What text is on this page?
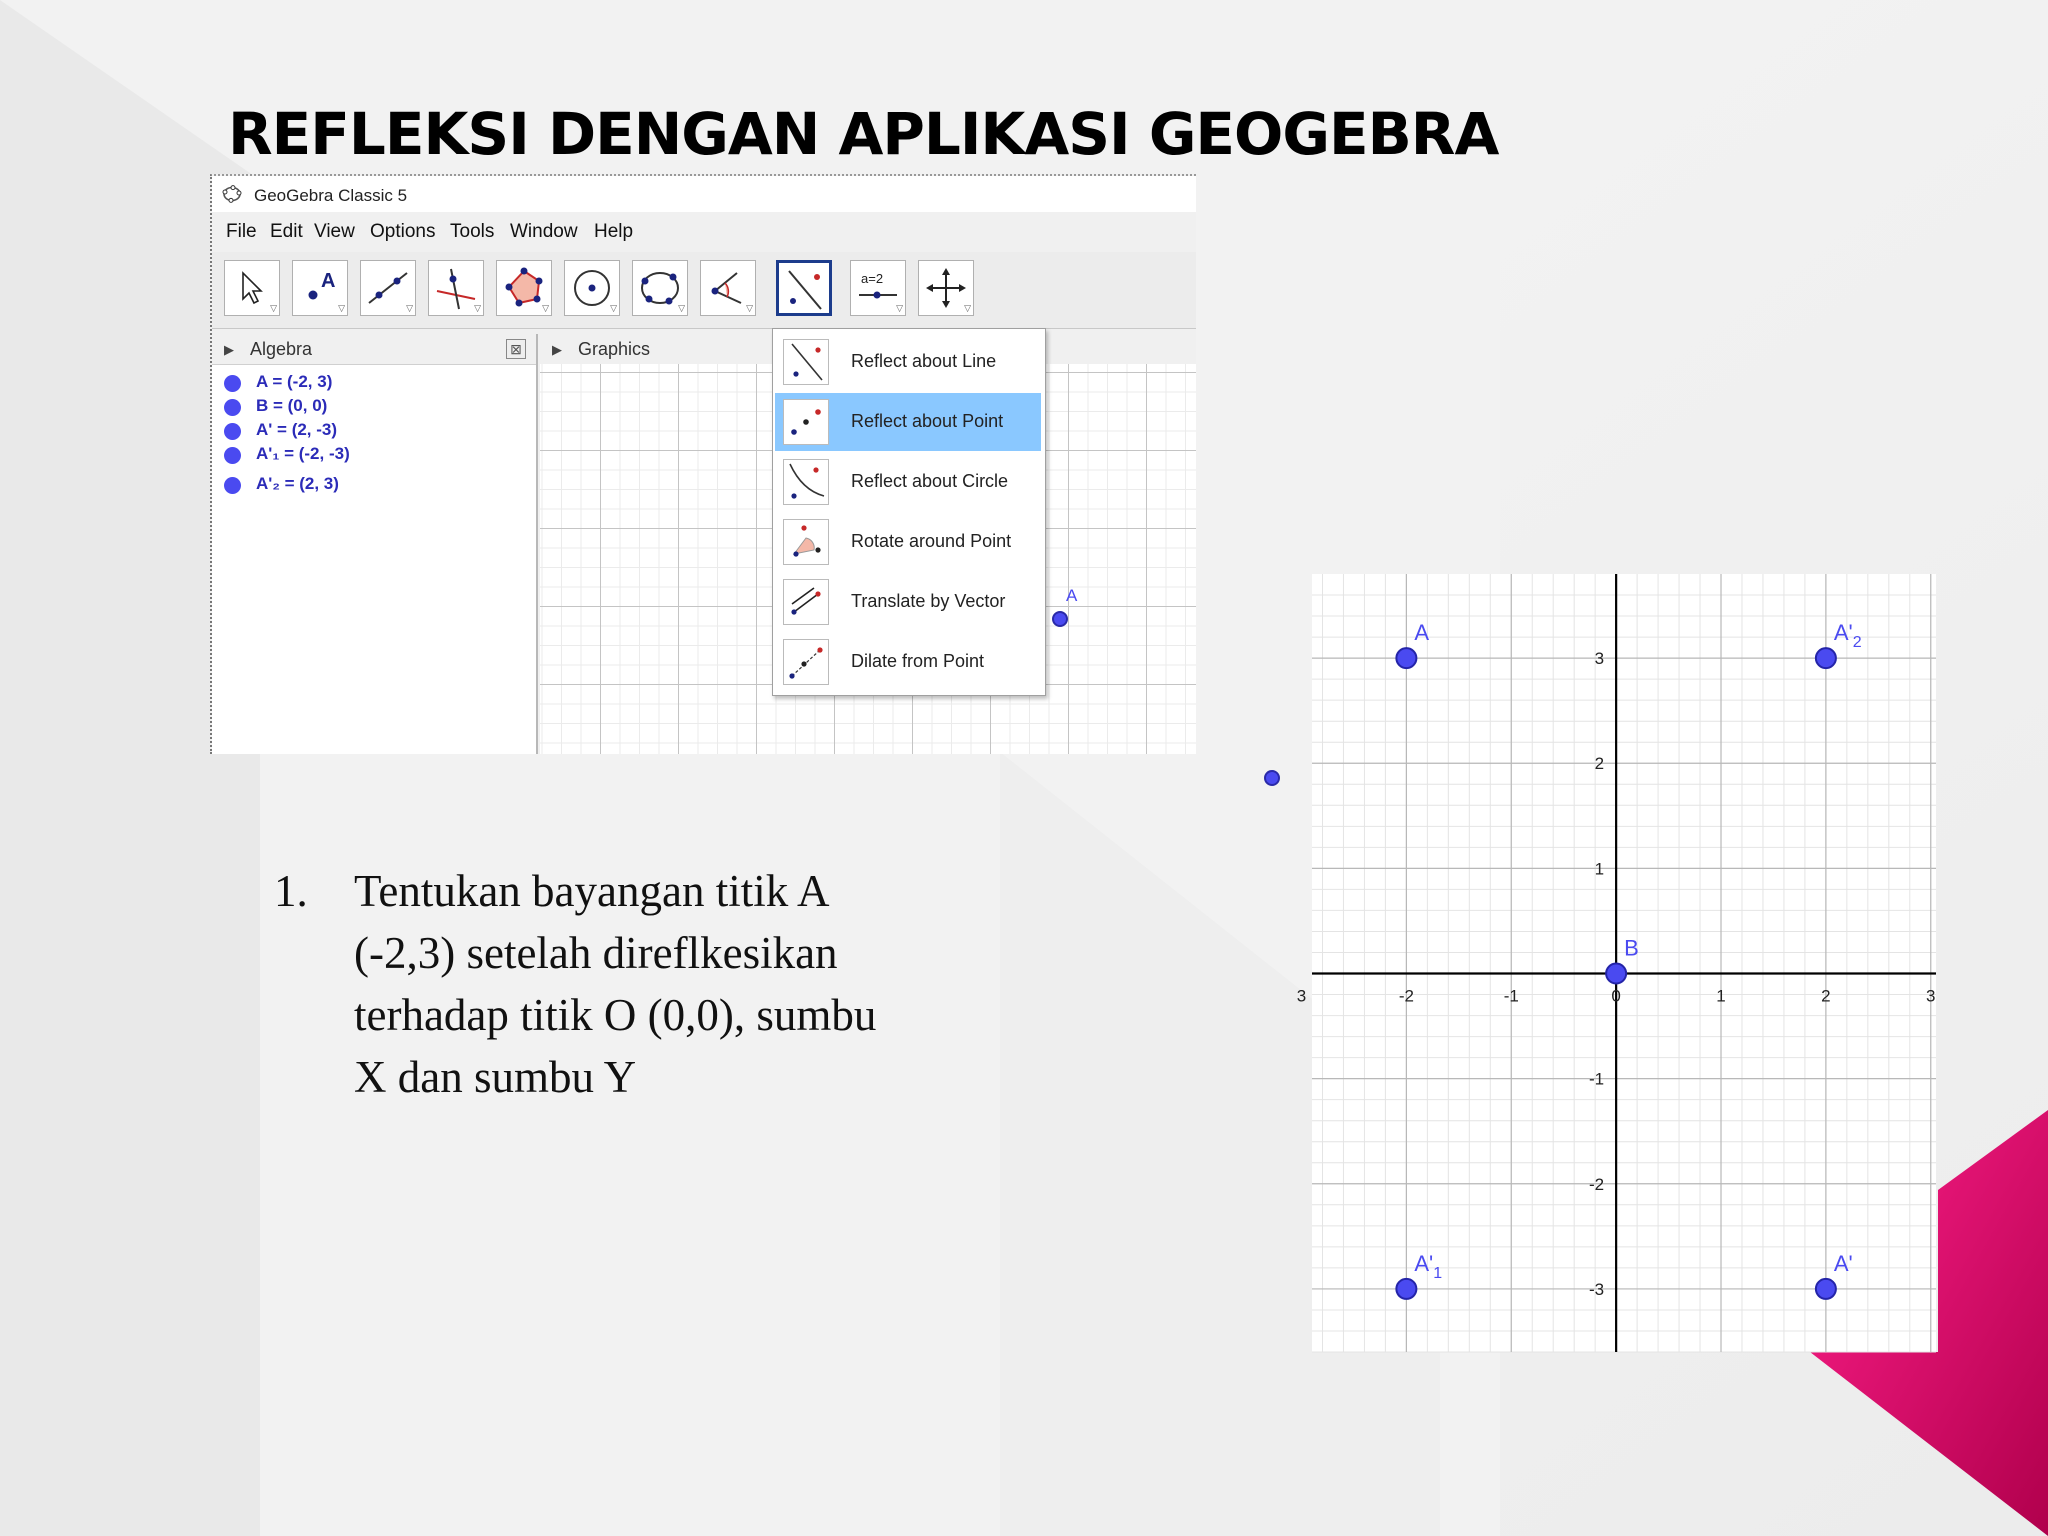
REFLEKSI DENGAN APLIKASI GEOGEBRA
GeoGebra Classic 5
File Edit View Options Tools Window Help
▽
A
▽	▽	▽	▽	▽	▽	▽
a=2
▽	▽
▶ Algebra	⊠
A = (-2, 3)
B = (0, 0)
A' = (2, -3)
A'₁ = (-2, -3)
A'₂ = (2, 3)
▶ Graphics
A
Reflect about Line
Reflect about Point
Reflect about Circle
Rotate around Point
Translate by Vector
Dilate from Point
1. Tentukan bayangan titik A (-2,3) setelah direflkesikan terhadap titik O (0,0), sumbu X dan sumbu Y
3	-2	-1	0	1	2	3
-3
-2
-1
1
2
3
A	$A'_2$
B
$A'_1$	A'
